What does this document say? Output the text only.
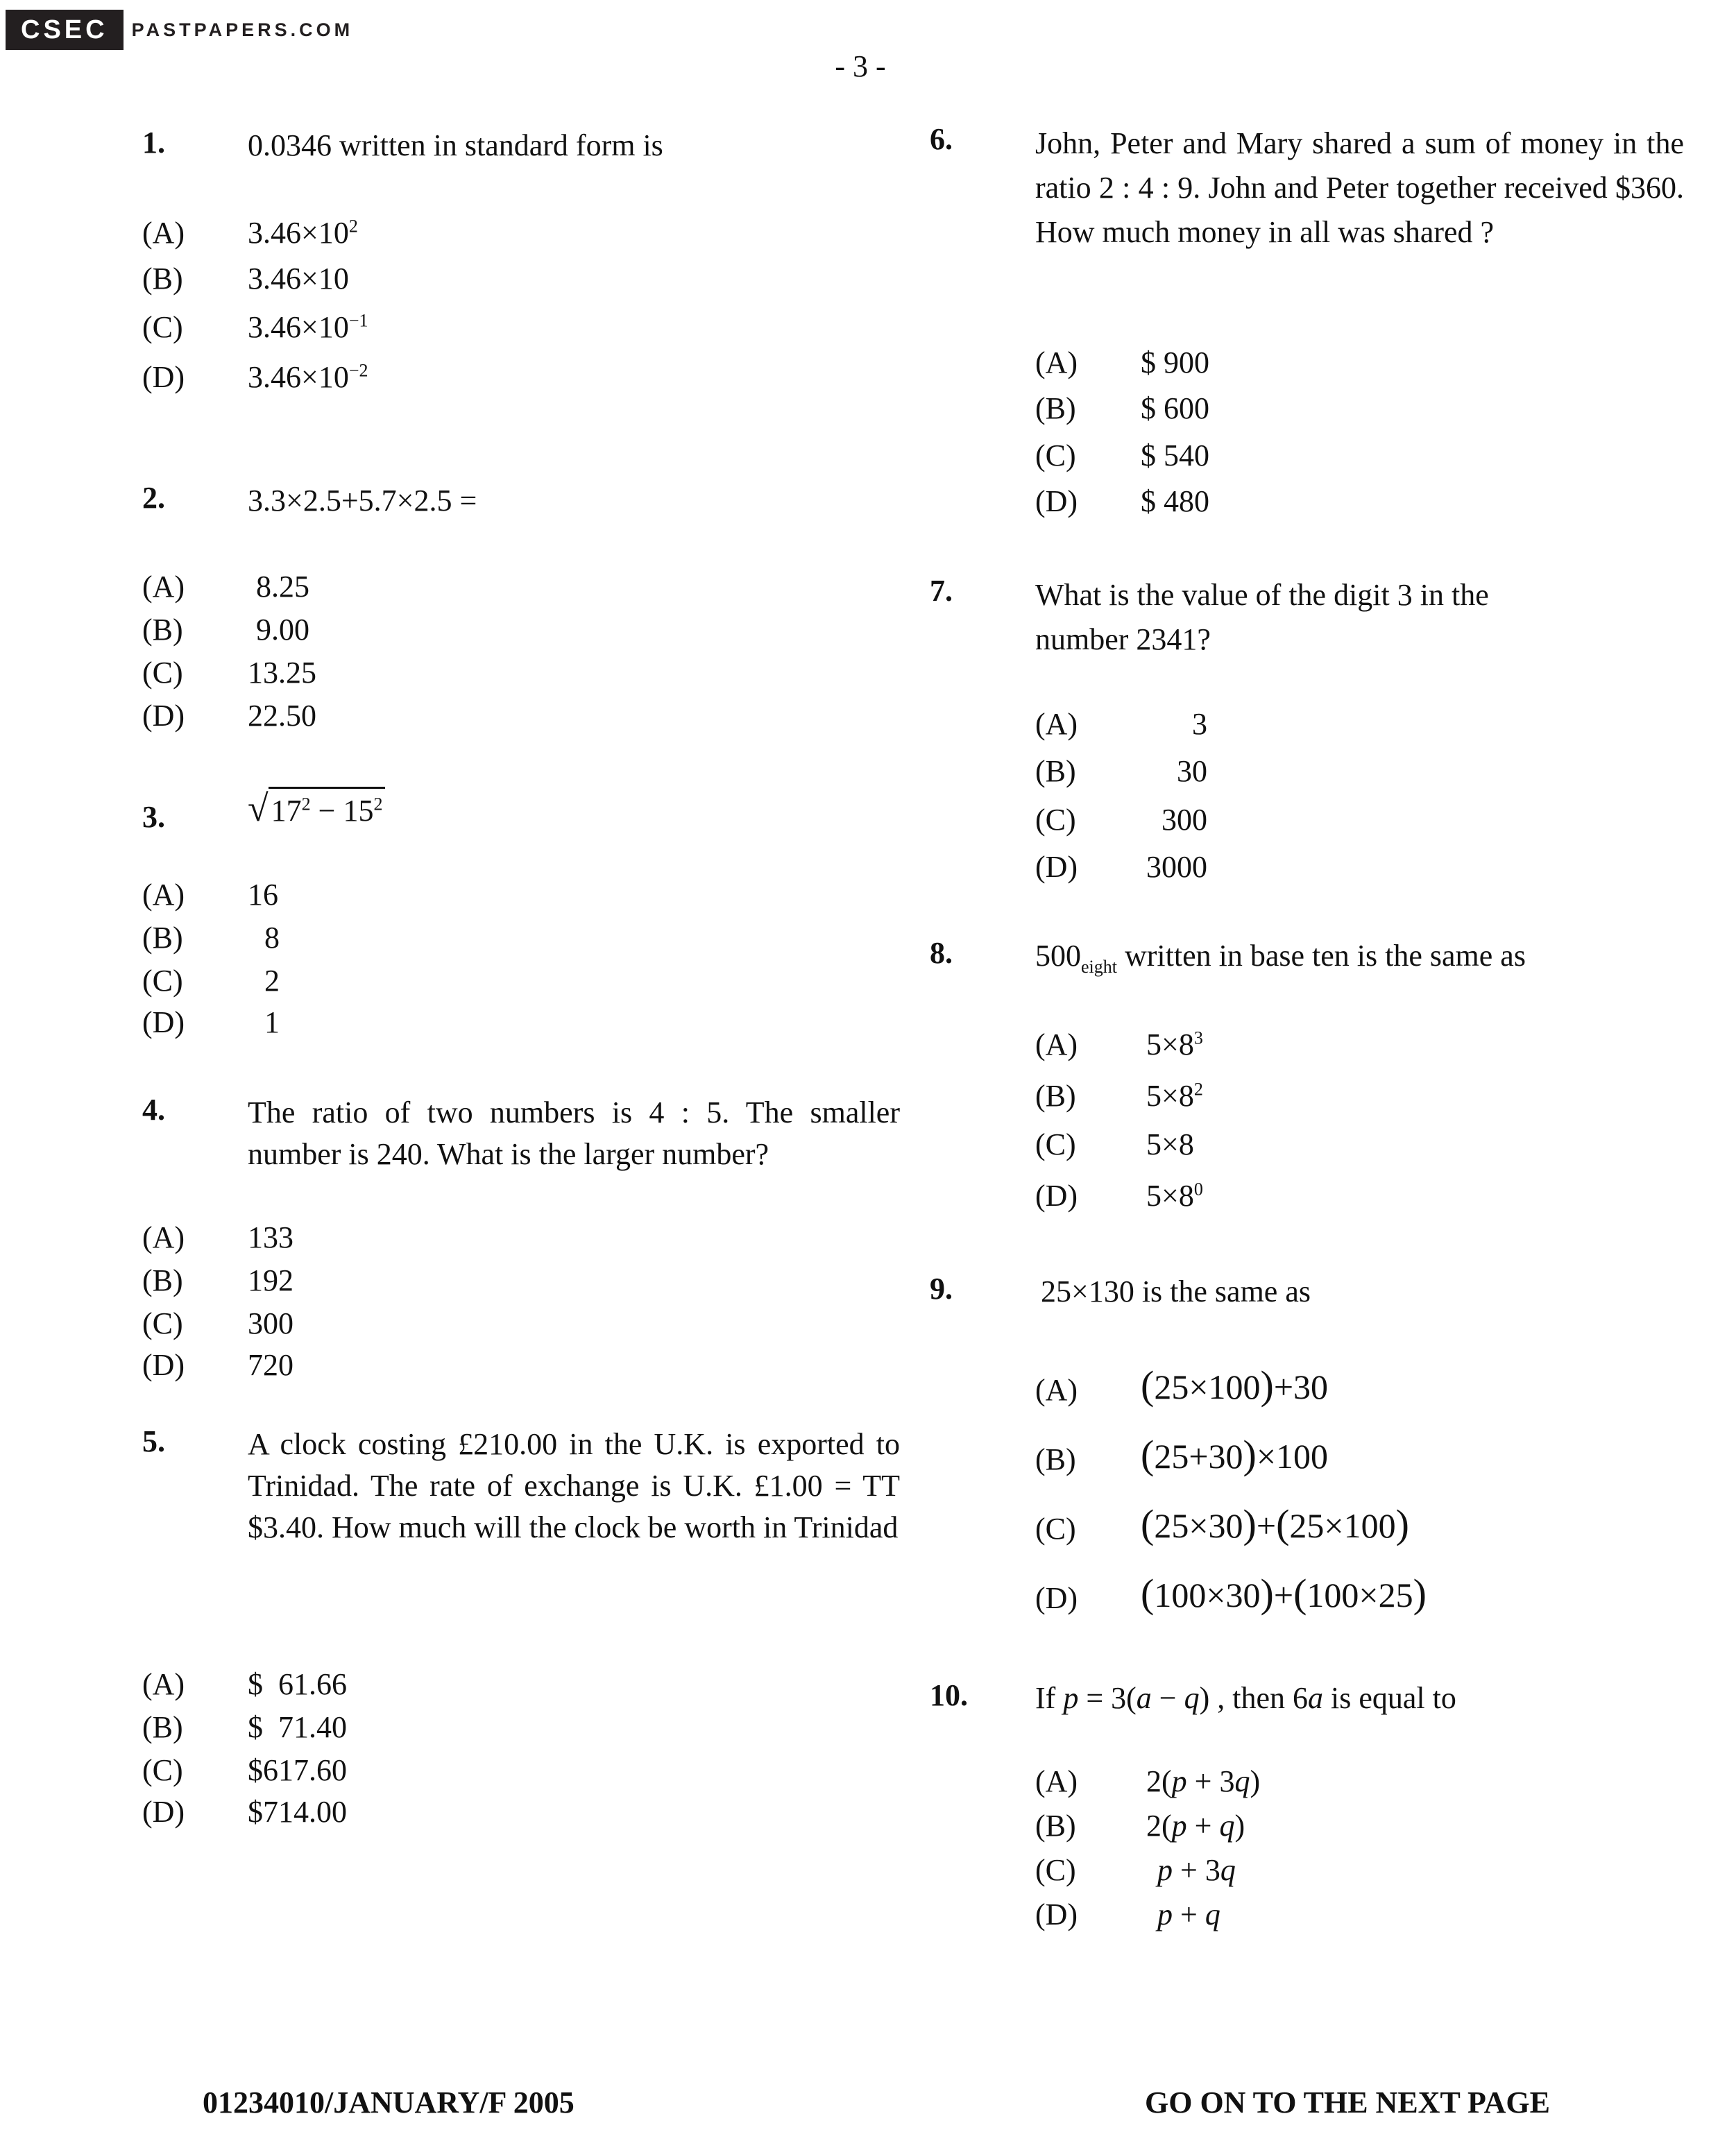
CSEC	PASTPAPERS.COM
- 3 -
1.	0.0346 written in standard form is
(A) $3.46\times 10^2$
(B) 3.46×10
(C) $3.46\times 10^{-1}$
(D) $3.46\times 10^{-2}$
2.	3.3×2.5+5.7×2.5 =
(A) 8.25
(B) 9.00
(C) 13.25
(D) 22.50
3. $√17^2 - 15^2$
(A) 16
(B)	8
(C)	2
(D)	1
4.	The ratio of two numbers is 4 : 5. The smaller number is 240. What is the larger number?
(A) 133
(B) 192
(C) 300
(D) 720
5.	A clock costing £210.00 in the U.K. is exported to Trinidad. The rate of exchange is U.K. £1.00 = TT $3.40. How much will the clock be worth in Trinidad
(A) $  61.66
(B) $  71.40
(C) $617.60
(D) $714.00
6.	John, Peter and Mary shared a sum of money in the ratio 2 : 4 : 9. John and Peter together received $360. How much money in all was shared ?
(A) $ 900
(B) $ 600
(C) $ 540
(D) $ 480
7.	What is the value of the digit 3 in the number 2341?
(A)	3
(B)	30
(C)	300
(D) 3000
8.	$500_{eight}$ written in base ten is the same as
(A) $5\times 8^3$
(B) $5\times 8^2$
(C) 5×8
(D) $5\times 8^0$
9.	25×130 is the same as
(A) (25×100)+30
(B) (25+30)×100
(C) (25×30)+(25×100)
(D) (100×30)+(100×25)
10. If p = 3(a − q) , then 6a is equal to
(A) 2(p + 3q)
(B) 2(p + q)
(C)	p + 3q
(D)	p + q
01234010/JANUARY/F 2005	GO ON TO THE NEXT PAGE
